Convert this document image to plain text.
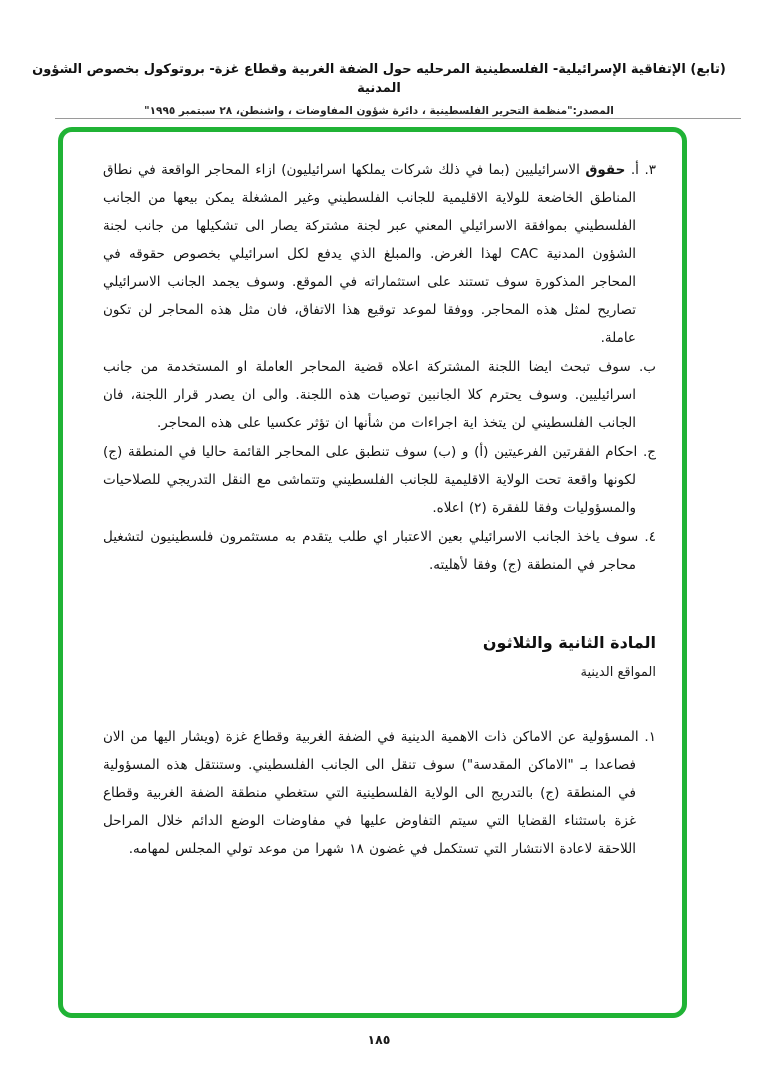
(تابع) الإتفاقية الإسرائيلية- الفلسطينية المرحليه حول الضفة الغربية وقطاع غزة- بروتوكول بخصوص الشؤون المدنية
المصدر:"منظمة التحرير الفلسطينية ، دائرة شؤون المفاوضات ، واشنطن، ٢٨ سبتمبر ١٩٩٥"

٣. أ. حقوق الاسرائيليين (بما في ذلك شركات يملكها اسرائيليون) ازاء المحاجر الواقعة في نطاق المناطق الخاضعة للولاية الاقليمية للجانب الفلسطيني وغير المشغلة يمكن بيعها من الجانب الفلسطيني بموافقة الاسرائيلي المعني عبر لجنة مشتركة يصار الى تشكيلها من جانب لجنة الشؤون المدنية CAC لهذا الغرض. والمبلغ الذي يدفع لكل اسرائيلي بخصوص حقوقه في المحاجر المذكورة سوف تستند على استثماراته في الموقع. وسوف يجمد الجانب الاسرائيلي تصاريح لمثل هذه المحاجر. ووفقا لموعد توقيع هذا الاتفاق، فان مثل هذه المحاجر لن تكون عاملة.

ب. سوف تبحث ايضا اللجنة المشتركة اعلاه قضية المحاجر العاملة او المستخدمة من جانب اسرائيليين. وسوف يحترم كلا الجانبين توصيات هذه اللجنة. والى ان يصدر قرار اللجنة، فان الجانب الفلسطيني لن يتخذ اية اجراءات من شأنها ان تؤثر عكسيا على هذه المحاجر.

ج. احكام الفقرتين الفرعيتين (أ) و (ب) سوف تنطبق على المحاجر القائمة حاليا في المنطقة (ج) لكونها واقعة تحت الولاية الاقليمية للجانب الفلسطيني وتتماشى مع النقل التدريجي للصلاحيات والمسؤوليات وفقا للفقرة (٢) اعلاه.

٤. سوف ياخذ الجانب الاسرائيلي بعين الاعتبار اي طلب يتقدم به مستثمرون فلسطينيون لتشغيل محاجر في المنطقة (ج) وفقا لأهليته.

المادة الثانية والثلاثون
المواقع الدينية

١. المسؤولية عن الاماكن ذات الاهمية الدينية في الضفة الغربية وقطاع غزة (ويشار اليها من الان فصاعدا بـ "الاماكن المقدسة") سوف تنقل الى الجانب الفلسطيني. وستنتقل هذه المسؤولية في المنطقة (ج) بالتدريج الى الولاية الفلسطينية التي ستغطي منطقة الضفة الغربية وقطاع غزة باستثناء القضايا التي سيتم التفاوض عليها في مفاوضات الوضع الدائم خلال المراحل اللاحقة لاعادة الانتشار التي تستكمل في غضون ١٨ شهرا من موعد تولي المجلس لمهامه.

١٨٥
